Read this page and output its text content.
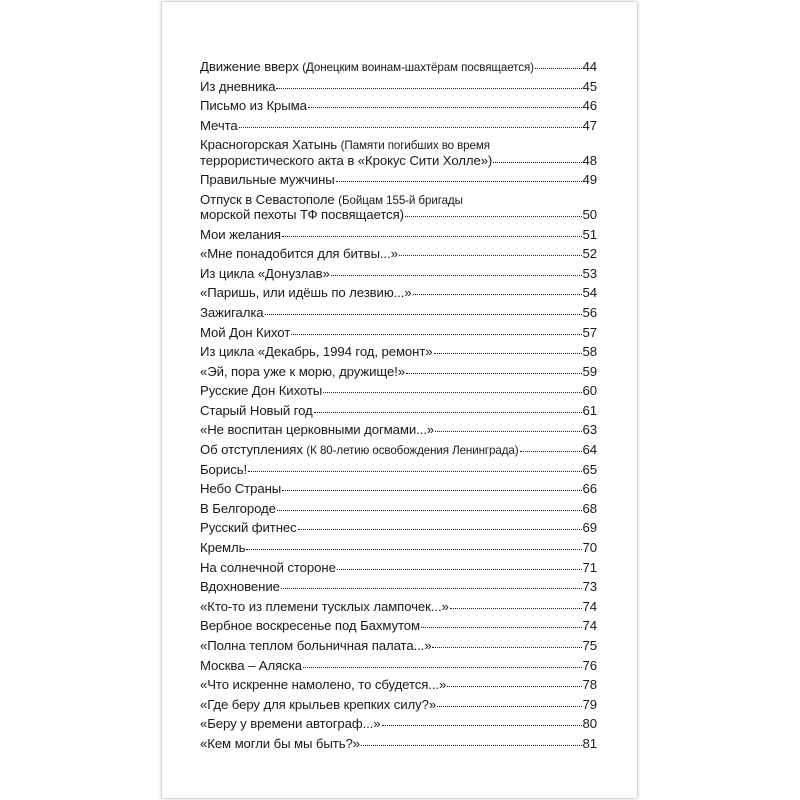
Движение вверх (Донецким воинам-шахтёрам посвящается)	44
Из дневника	45
Письмо из Крыма	46
Мечта	47
Красногорская Хатынь (Памяти погибших во время
террористического акта в «Крокус Сити Холле»)	48
Правильные мужчины	49
Отпуск в Севастополе (Бойцам 155-й бригады
морской пехоты ТФ посвящается)	50
Мои желания	51
«Мне понадобится для битвы...»	52
Из цикла «Донузлав»	53
«Паришь, или идёшь по лезвию...»	54
Зажигалка	56
Мой Дон Кихот	57
Из цикла «Декабрь, 1994 год, ремонт»	58
«Эй, пора уже к морю, дружище!»	59
Русские Дон Кихоты	60
Старый Новый год	61
«Не воспитан церковными догмами...»	63
Об отступлениях (К 80-летию освобождения Ленинграда)	64
Борись!	65
Небо Страны	66
В Белгороде	68
Русский фитнес	69
Кремль	70
На солнечной стороне	71
Вдохновение	73
«Кто-то из племени тусклых лампочек...»	74
Вербное воскресенье под Бахмутом	74
«Полна теплом больничная палата...»	75
Москва – Аляска	76
«Что искренне намолено, то сбудется...»	78
«Где беру для крыльев крепких силу?»	79
«Беру у времени автограф...»	80
«Кем могли бы мы быть?»	81
